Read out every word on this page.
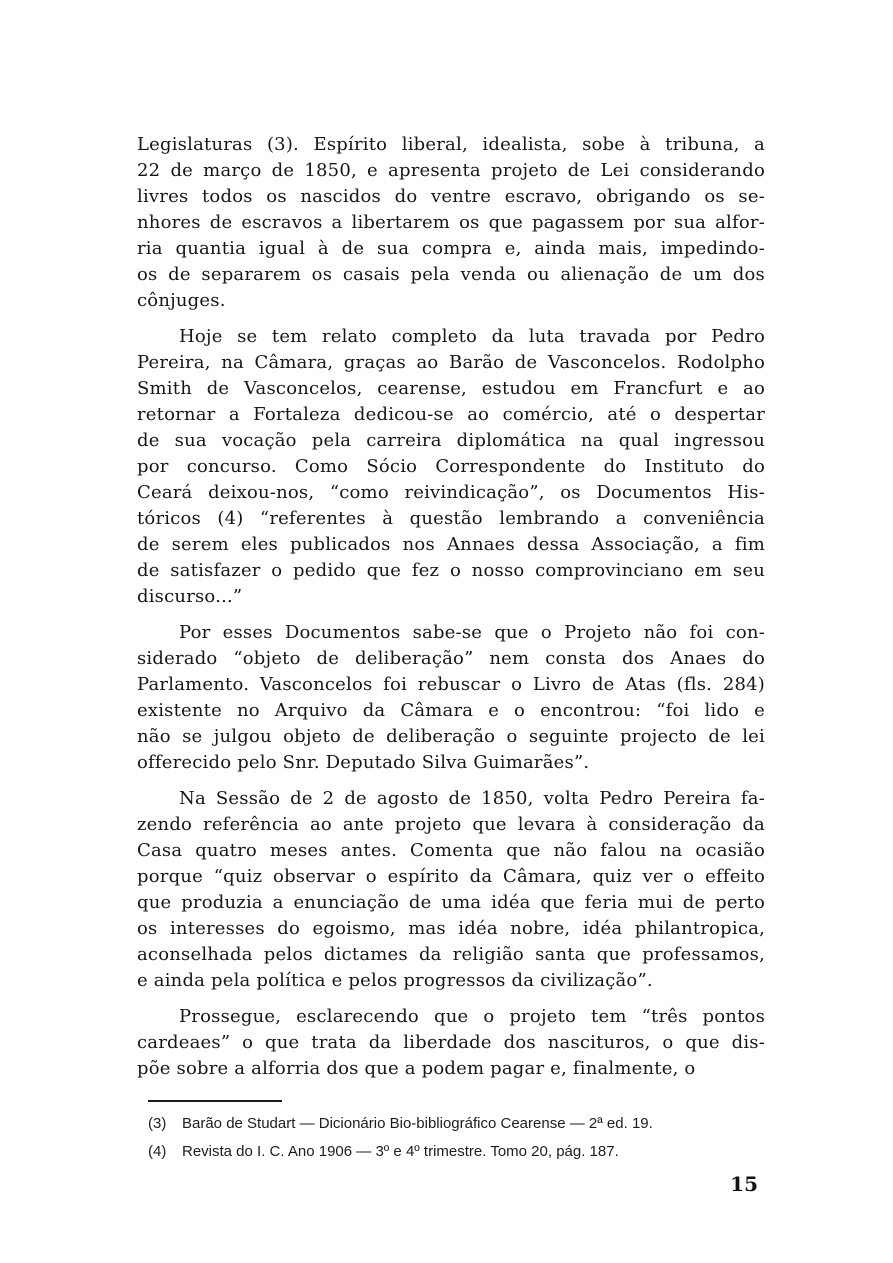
Legislaturas (3). Espírito liberal, idealista, sobe à tribuna, a
22 de março de 1850, e apresenta projeto de Lei considerando
livres todos os nascidos do ventre escravo, obrigando os se-
nhores de escravos a libertarem os que pagassem por sua alfor-
ria quantia igual à de sua compra e, ainda mais, impedindo-
os de separarem os casais pela venda ou alienação de um dos
cônjuges.
Hoje se tem relato completo da luta travada por Pedro
Pereira, na Câmara, graças ao Barão de Vasconcelos. Rodolpho
Smith de Vasconcelos, cearense, estudou em Francfurt e ao
retornar a Fortaleza dedicou-se ao comércio, até o despertar
de sua vocação pela carreira diplomática na qual ingressou
por concurso. Como Sócio Correspondente do Instituto do
Ceará deixou-nos, “como reivindicação”, os Documentos His-
tóricos (4) “referentes à questão lembrando a conveniência
de serem eles publicados nos Annaes dessa Associação, a fim
de satisfazer o pedido que fez o nosso comprovinciano em seu
discurso...”
Por esses Documentos sabe-se que o Projeto não foi con-
siderado “objeto de deliberação” nem consta dos Anaes do
Parlamento. Vasconcelos foi rebuscar o Livro de Atas (fls. 284)
existente no Arquivo da Câmara e o encontrou: “foi lido e
não se julgou objeto de deliberação o seguinte projecto de lei
offerecido pelo Snr. Deputado Silva Guimarães”.
Na Sessão de 2 de agosto de 1850, volta Pedro Pereira fa-
zendo referência ao ante projeto que levara à consideração da
Casa quatro meses antes. Comenta que não falou na ocasião
porque “quiz observar o espírito da Câmara, quiz ver o effeito
que produzia a enunciação de uma idéa que feria mui de perto
os interesses do egoismo, mas idéa nobre, idéa philantropica,
aconselhada pelos dictames da religião santa que professamos,
e ainda pela política e pelos progressos da civilização”.
Prossegue, esclarecendo que o projeto tem “três pontos
cardeaes” o que trata da liberdade dos nascituros, o que dis-
põe sobre a alforria dos que a podem pagar e, finalmente, o
(3)	Barão de Studart — Dicionário Bio-bibliográfico Cearense — 2ª ed. 19.
(4)	Revista do I. C. Ano 1906 — 3º e 4º trimestre. Tomo 20, pág. 187.
15
